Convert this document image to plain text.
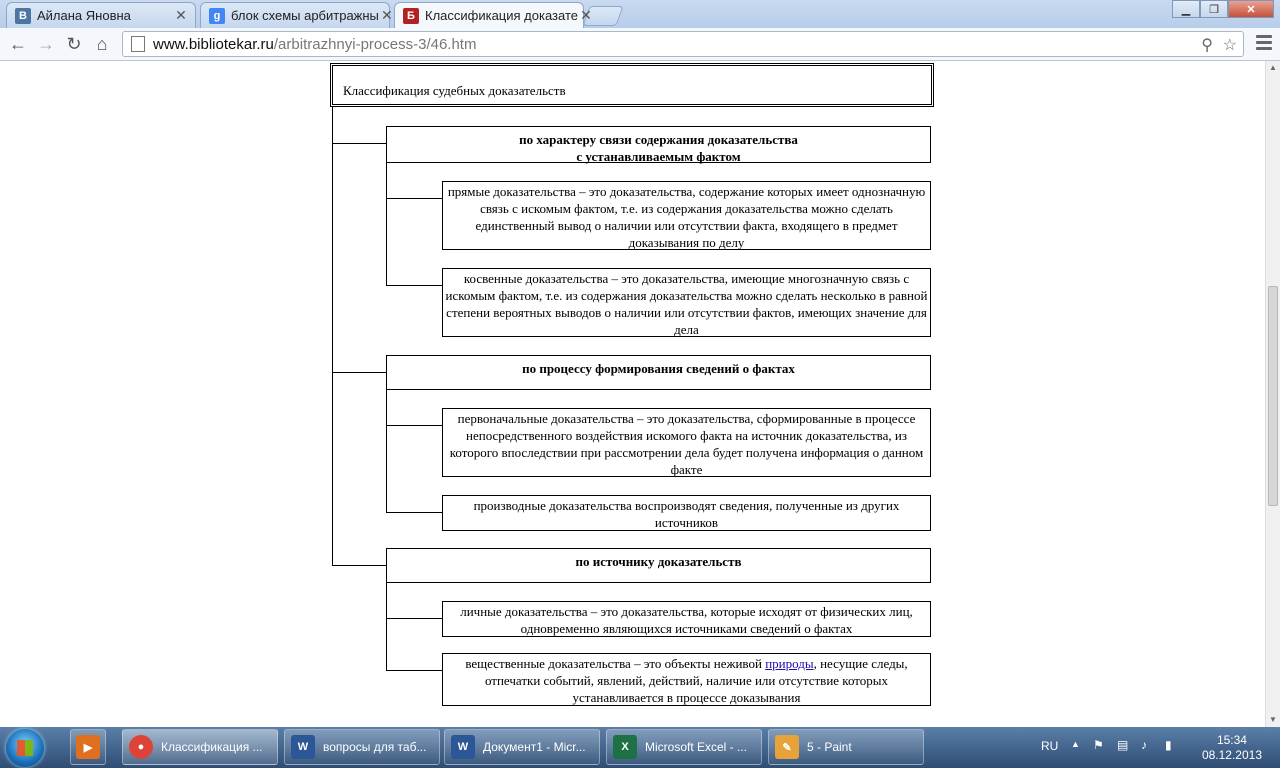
B Айлана Яновна	✕	g блок схемы арбитражны ✕	Б Классификация доказате ✕	▁	❐	✕
← → ↻ ⌂	www.bibliotekar.ru /arbitrazhnyi-process-3/46.htm	⚲ ☆
Классификация судебных доказательств
по характеру связи содержания доказательства
с устанавливаемым фактом
прямые доказательства – это доказательства, содержание которых имеет однозначную связь с искомым фактом, т.е. из содержания доказательства можно сделать единственный вывод о наличии или отсутствии факта, входящего в предмет доказывания по делу
косвенные доказательства – это доказательства, имеющие многозначную связь с искомым фактом, т.е. из содержания доказательства можно сделать несколько в равной степени вероятных выводов о наличии или отсутствии фактов, имеющих значение для дела
по процессу формирования сведений о фактах
первоначальные доказательства – это доказательства, сформированные в процессе непосредственного воздействия искомого факта на источник доказательства, из которого впоследствии при рассмотрении дела будет получена информация о данном факте
производные доказательства воспроизводят сведения, полученные из других источников
по источнику доказательств
личные доказательства – это доказательства, которые исходят от физических лиц, одновременно являющихся источниками сведений о фактах
вещественные доказательства – это объекты неживой природы, несущие следы, отпечатки событий, явлений, действий, наличие или отсутствие которых устанавливается в процессе доказывания
▲
▼
▶	●	Классификация ...	W	вопросы для таб...	W	Документ1 - Micr...	X	Microsoft Excel - ...	✎	5 - Paint	RU ▲ ⚑ ▤ ♪ ▮	15:34
08.12.2013
